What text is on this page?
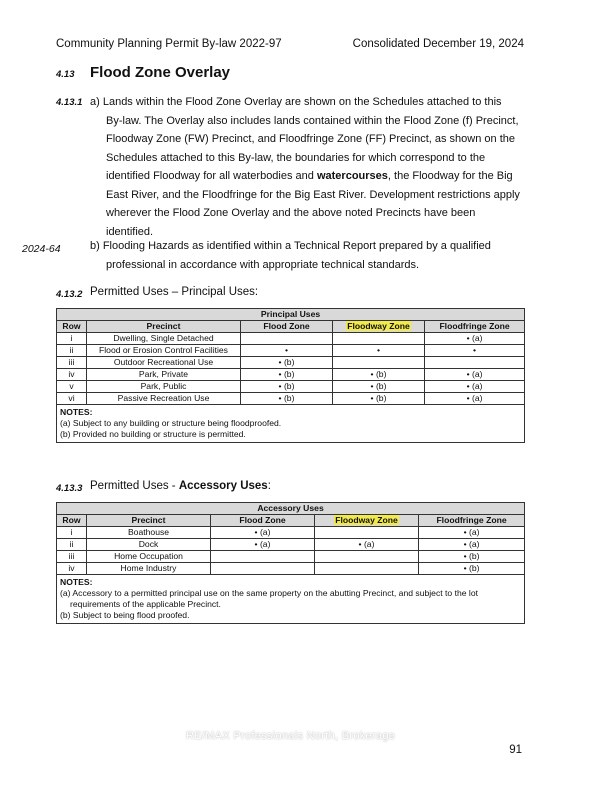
Community Planning Permit By-law 2022-97	Consolidated December 19, 2024
4.13 Flood Zone Overlay
4.13.1 a) Lands within the Flood Zone Overlay are shown on the Schedules attached to this By-law. The Overlay also includes lands contained within the Flood Zone (f) Precinct, Floodway Zone (FW) Precinct, and Floodfringe Zone (FF) Precinct, as shown on the Schedules attached to this By-law, the boundaries for which correspond to the identified Floodway for all waterbodies and watercourses, the Floodway for the Big East River, and the Floodfringe for the Big East River. Development restrictions apply wherever the Flood Zone Overlay and the above noted Precincts have been identified.
2024-64	b) Flooding Hazards as identified within a Technical Report prepared by a qualified professional in accordance with appropriate technical standards.
4.13.2 Permitted Uses – Principal Uses:
Principal Uses				
Row	Precinct	Flood Zone	Floodway Zone	Floodfringe Zone
i	Dwelling, Single Detached			• (a)
ii	Flood or Erosion Control Facilities	•	•	•
iii	Outdoor Recreational Use	• (b)		
iv	Park, Private	• (b)	• (b)	• (a)
v	Park, Public	• (b)	• (b)	• (a)
vi	Passive Recreation Use	• (b)	• (b)	• (a)

NOTES:
(a) Subject to any building or structure being floodproofed.
(b) Provided no building or structure is permitted.				
4.13.3 Permitted Uses - Accessory Uses:
Accessory Uses				
Row	Precinct	Flood Zone	Floodway Zone	Floodfringe Zone
i	Boathouse	• (a)		• (a)
ii	Dock	• (a)	• (a)	• (a)
iii	Home Occupation			• (b)
iv	Home Industry			• (b)

NOTES:
(a) Accessory to a permitted principal use on the same property on the abutting Precinct, and subject to the lot
requirements of the applicable Precinct.
(b) Subject to being flood proofed.				
RE/MAX Professionals North, Brokerage
91
